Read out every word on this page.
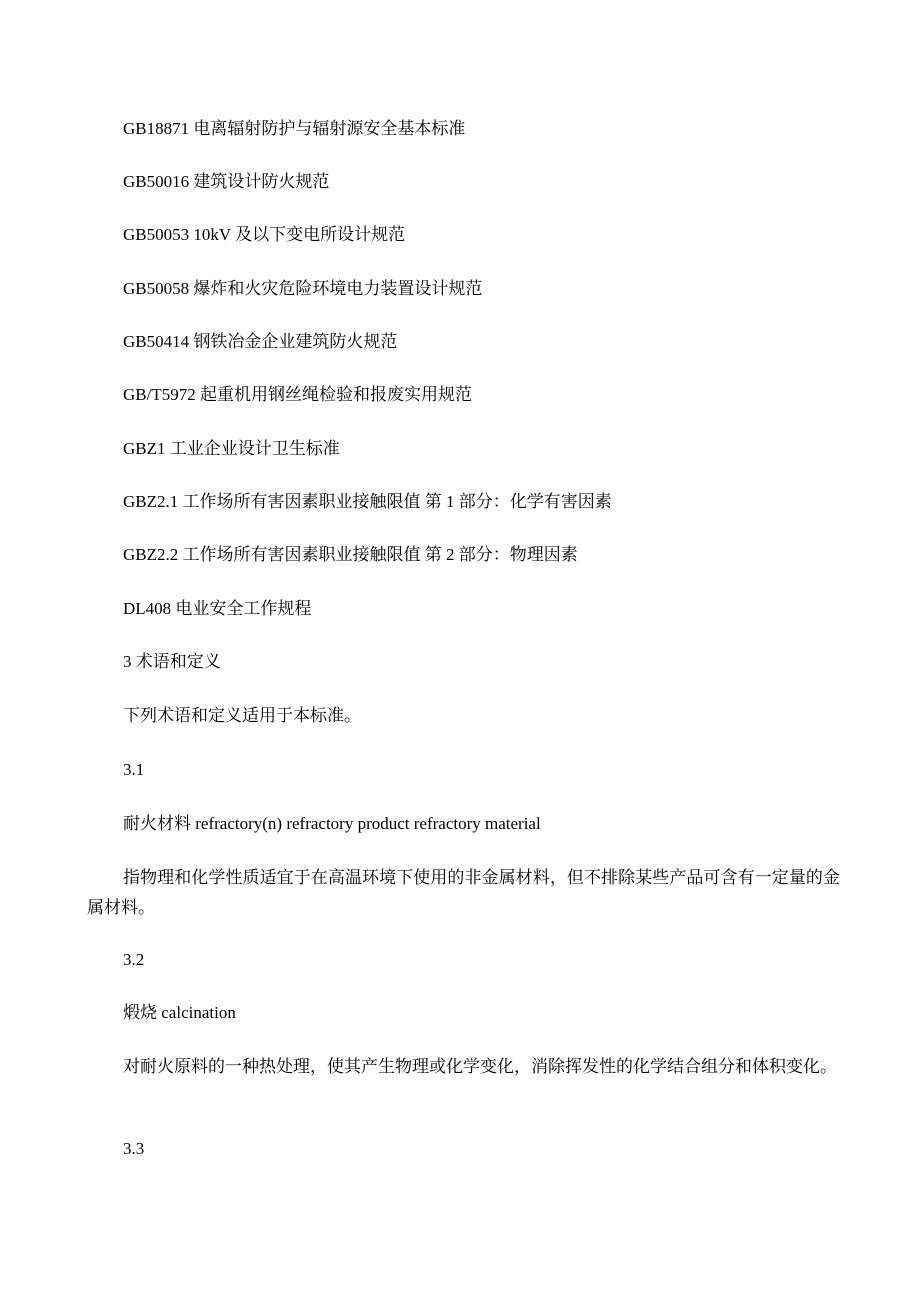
GB18871 电离辐射防护与辐射源安全基本标准
GB50016 建筑设计防火规范
GB50053 10kV 及以下变电所设计规范
GB50058 爆炸和火灾危险环境电力装置设计规范
GB50414 钢铁冶金企业建筑防火规范
GB/T5972 起重机用钢丝绳检验和报废实用规范
GBZ1 工业企业设计卫生标准
GBZ2.1 工作场所有害因素职业接触限值 第 1 部分：化学有害因素
GBZ2.2 工作场所有害因素职业接触限值 第 2 部分：物理因素
DL408 电业安全工作规程
3 术语和定义
下列术语和定义适用于本标准。
3.1
耐火材料 refractory(n) refractory product refractory material
指物理和化学性质适宜于在高温环境下使用的非金属材料，但不排除某些产品可含有一定量的金属材料。
3.2
煅烧 calcination
对耐火原料的一种热处理，使其产生物理或化学变化，消除挥发性的化学结合组分和体积变化。
3.3
